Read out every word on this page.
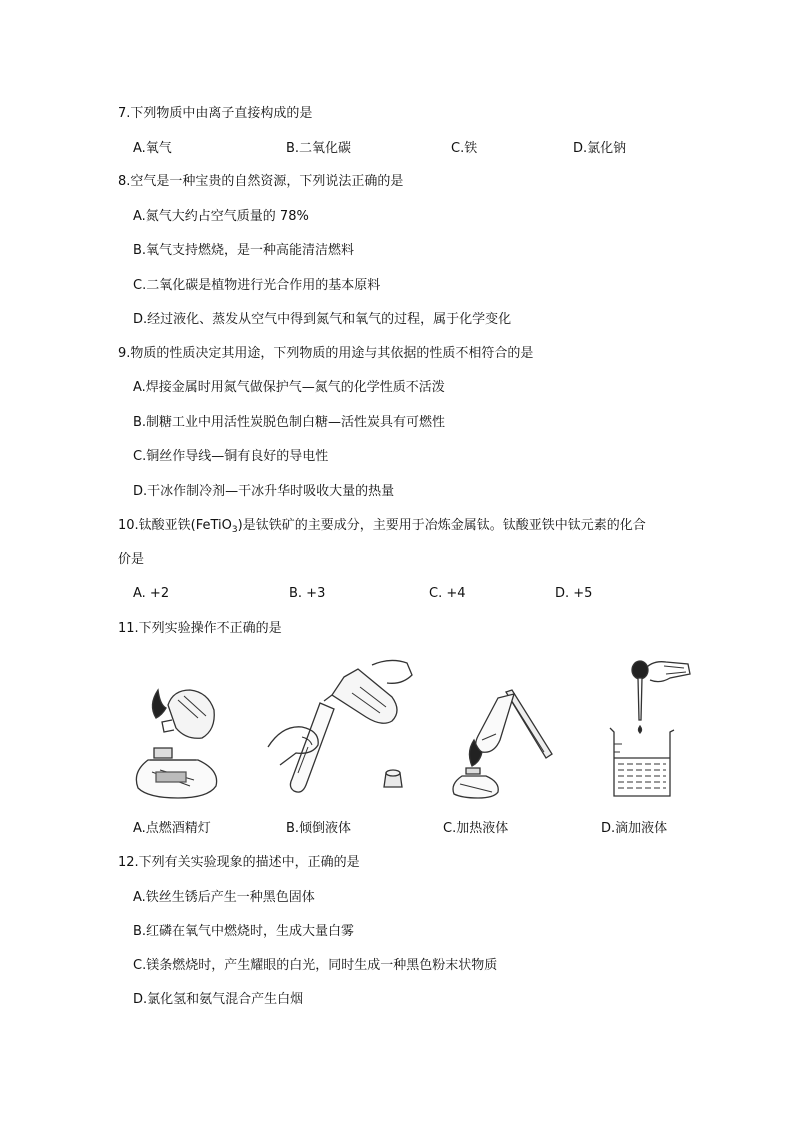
7.下列物质中由离子直接构成的是
A.氧气	B.二氧化碳	C.铁	D.氯化钠
8.空气是一种宝贵的自然资源，下列说法正确的是
A.氮气大约占空气质量的 78%
B.氧气支持燃烧，是一种高能清洁燃料
C.二氧化碳是植物进行光合作用的基本原料
D.经过液化、蒸发从空气中得到氮气和氧气的过程，属于化学变化
9.物质的性质决定其用途，下列物质的用途与其依据的性质不相符合的是
A.焊接金属时用氮气做保护气—氮气的化学性质不活泼
B.制糖工业中用活性炭脱色制白糖—活性炭具有可燃性
C.铜丝作导线—铜有良好的导电性
D.干冰作制冷剂—干冰升华时吸收大量的热量
10.钛酸亚铁(FeTiO$_3$)是钛铁矿的主要成分，主要用于冶炼金属钛。钛酸亚铁中钛元素的化合
价是
A. +2	B. +3	C. +4	D. +5
11.下列实验操作不正确的是
A.点燃酒精灯	B.倾倒液体	C.加热液体	D.滴加液体
12.下列有关实验现象的描述中，正确的是
A.铁丝生锈后产生一种黑色固体
B.红磷在氧气中燃烧时，生成大量白雾
C.镁条燃烧时，产生耀眼的白光，同时生成一种黑色粉末状物质
D.氯化氢和氨气混合产生白烟
